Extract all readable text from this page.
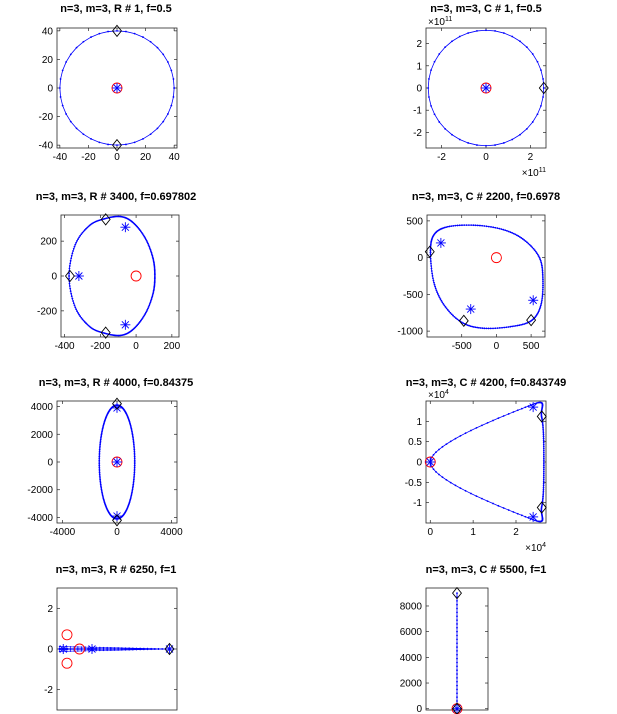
n=3, m=3, R # 1, f=0.5
-40 -20 0 20 40
-40
-20
0
20
40
n=3, m=3, C # 1, f=0.5
-2	0	2
-2
-1
0
1
2
$\times 10^{11}$
$\times 10^{11}$
n=3, m=3, R # 3400, f=0.697802
-400 -200 0 200
-200
0
200
n=3, m=3, C # 2200, f=0.6978
-500 0 500
-1000
-500
0
500
n=3, m=3, R # 4000, f=0.84375
-4000	0	4000
-4000
-2000
0
2000
4000
n=3, m=3, C # 4200, f=0.843749
0	1	2
-1
-0.5
0
0.5
1
$\times 10^4$
$\times 10^4$
n=3, m=3, R # 6250, f=1
-2
0
2
n=3, m=3, C # 5500, f=1
0
2000
4000
6000
8000
